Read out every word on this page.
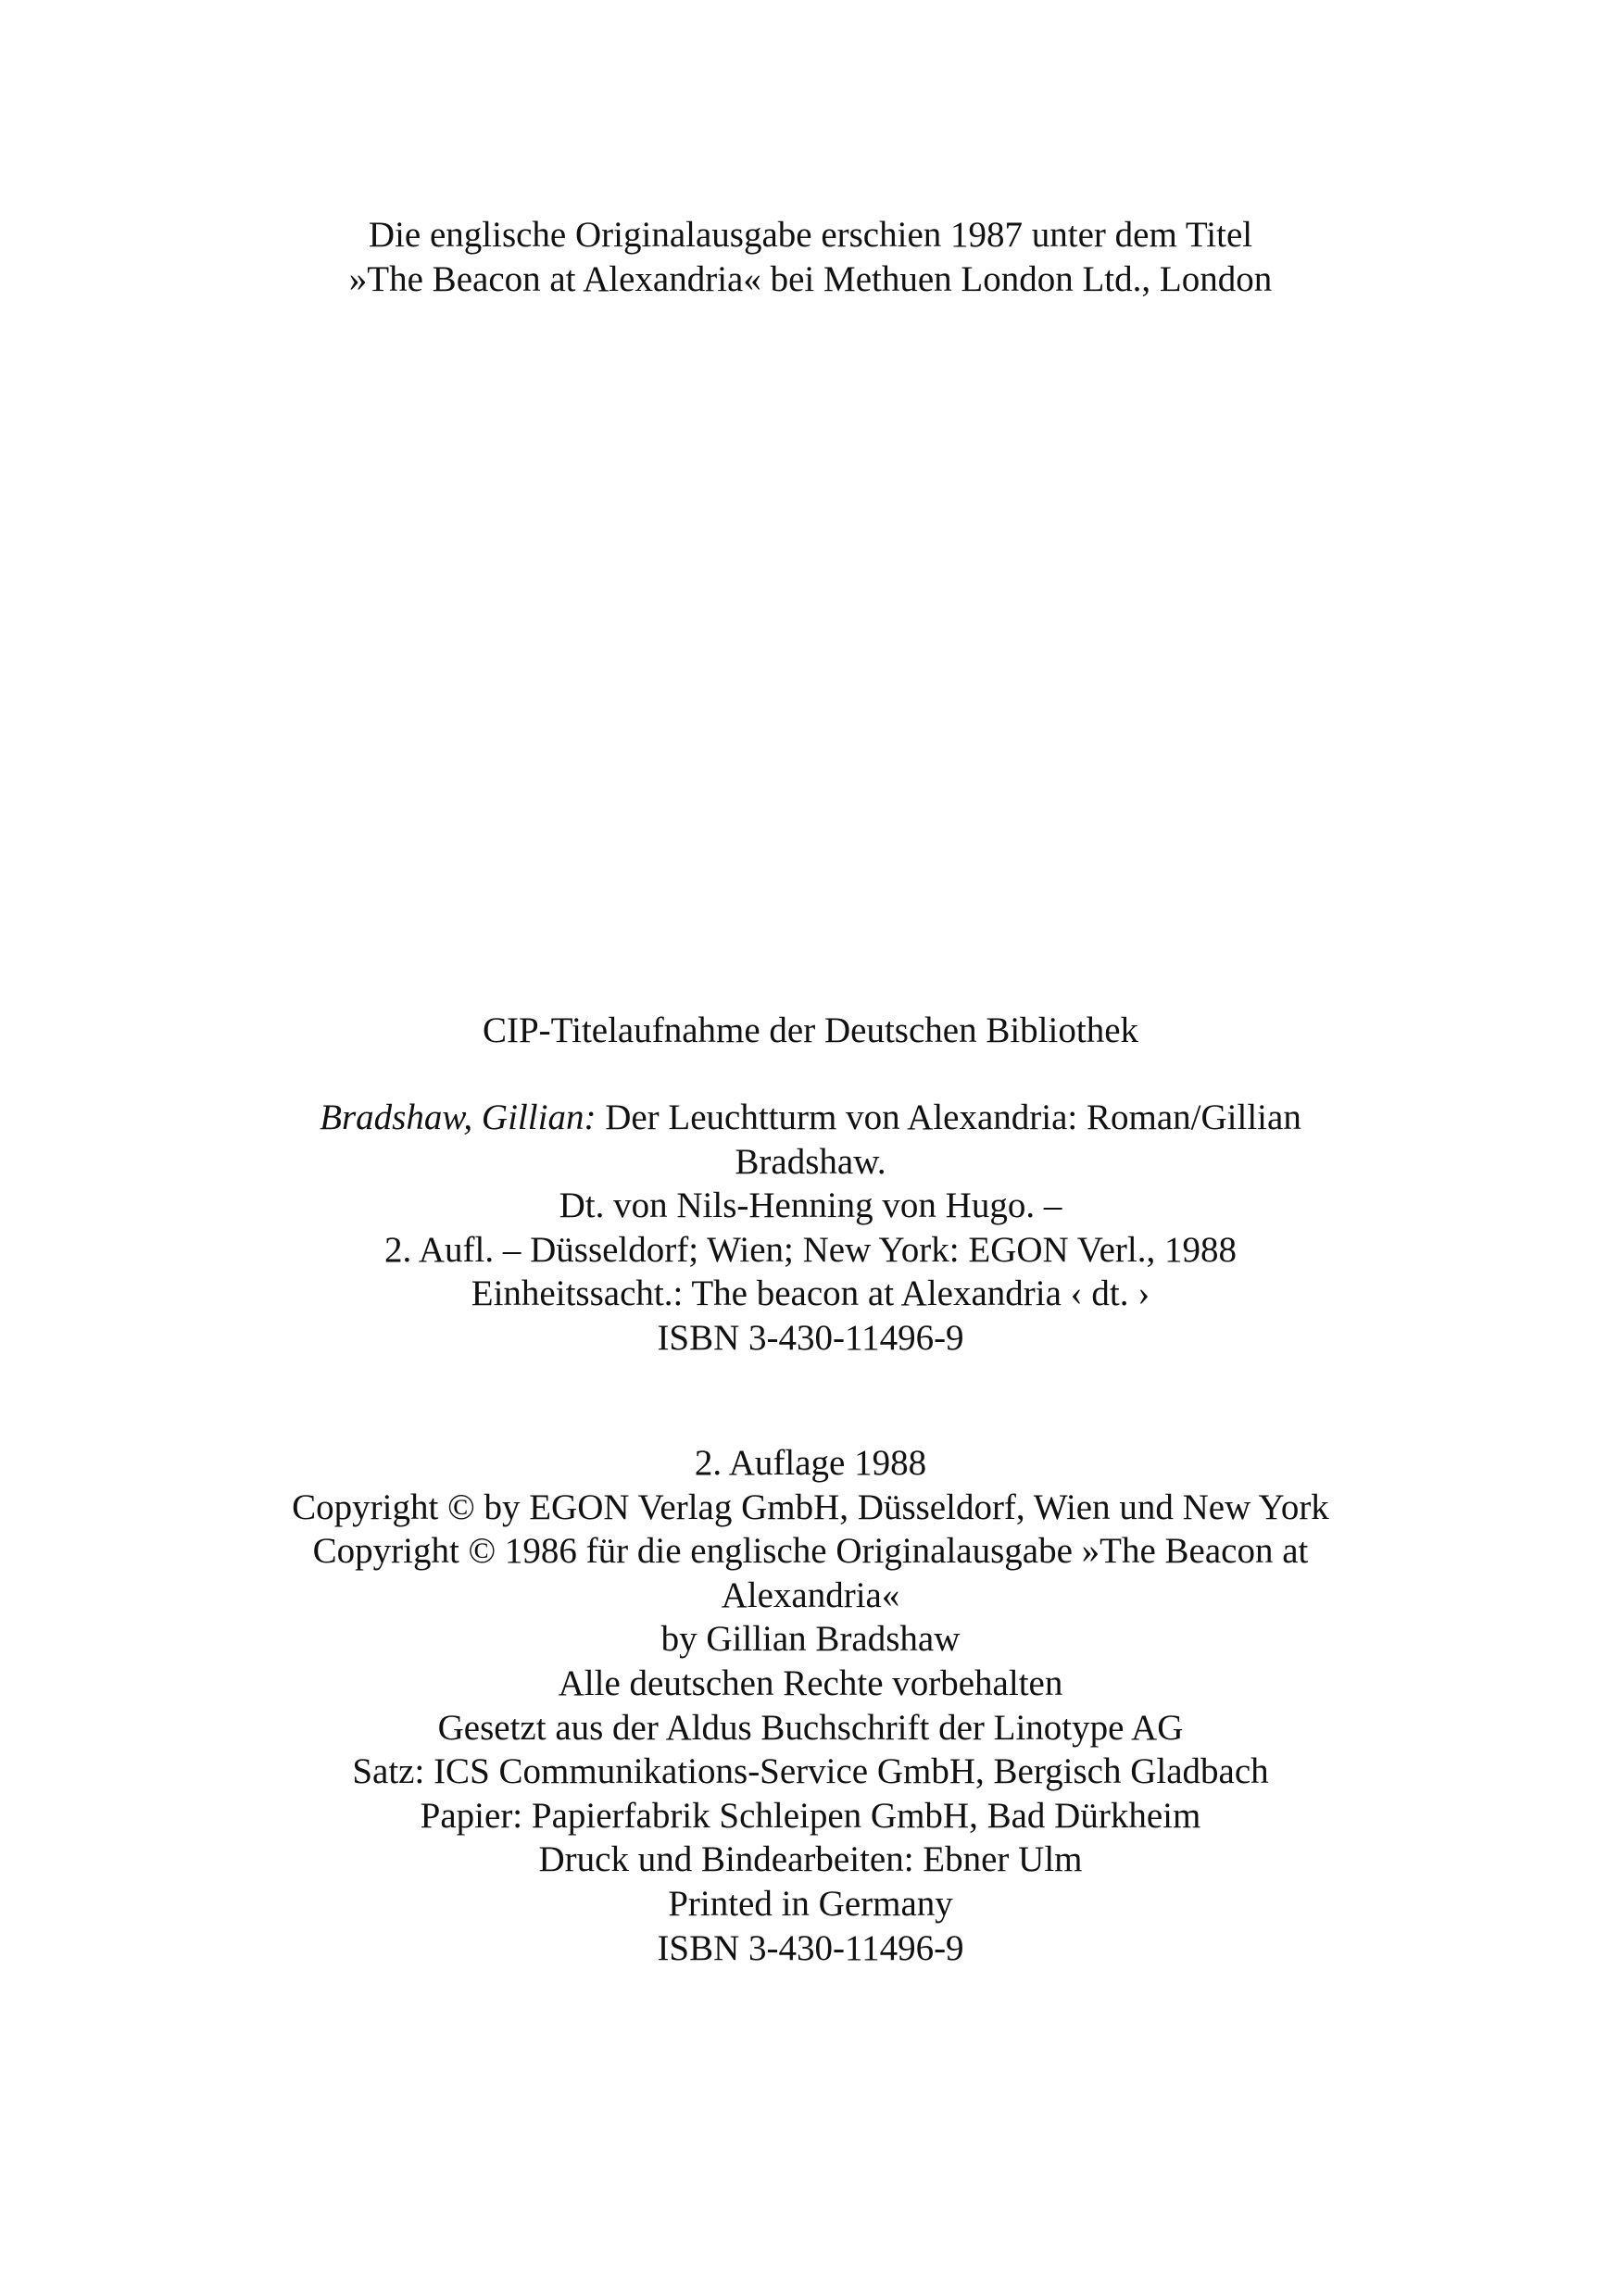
Die englische Originalausgabe erschien 1987 unter dem Titel
»The Beacon at Alexandria« bei Methuen London Ltd., London
CIP-Titelaufnahme der Deutschen Bibliothek
Bradshaw, Gillian: Der Leuchtturm von Alexandria: Roman/Gillian
Bradshaw.
Dt. von Nils-Henning von Hugo. –
2. Aufl. – Düsseldorf; Wien; New York: EGON Verl., 1988
Einheitssacht.: The beacon at Alexandria ‹ dt. ›
ISBN 3-430-11496-9
2. Auflage 1988
Copyright © by EGON Verlag GmbH, Düsseldorf, Wien und New York
Copyright © 1986 für die englische Originalausgabe »The Beacon at
Alexandria«
by Gillian Bradshaw
Alle deutschen Rechte vorbehalten
Gesetzt aus der Aldus Buchschrift der Linotype AG
Satz: ICS Communikations-Service GmbH, Bergisch Gladbach
Papier: Papierfabrik Schleipen GmbH, Bad Dürkheim
Druck und Bindearbeiten: Ebner Ulm
Printed in Germany
ISBN 3-430-11496-9
